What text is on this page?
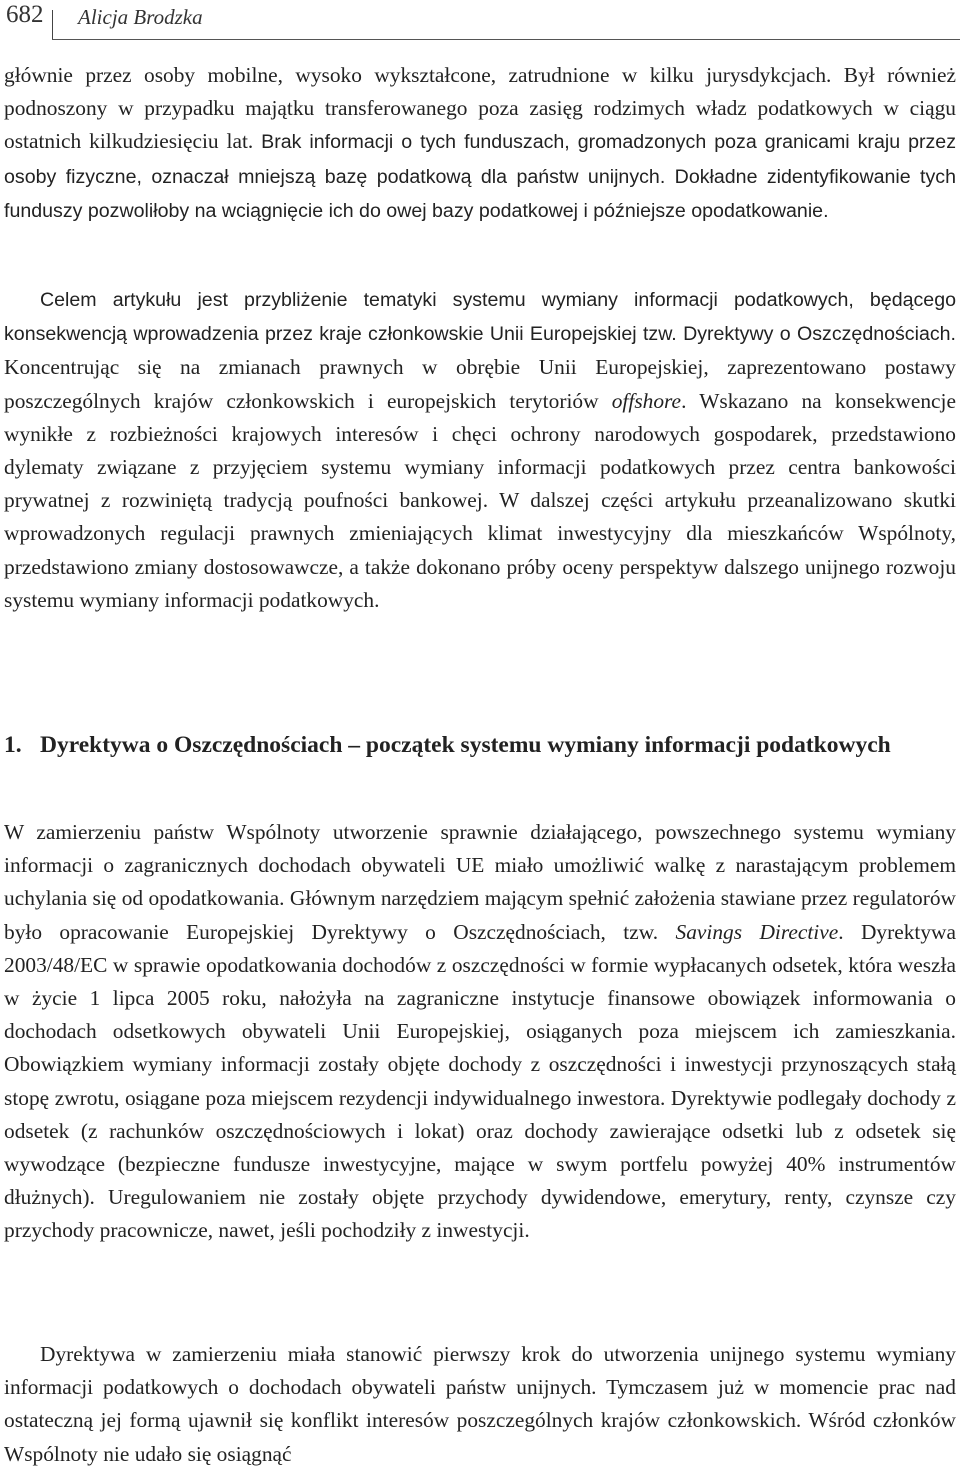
682 Alicja Brodzka

głównie przez osoby mobilne, wysoko wykształcone, zatrudnione w kilku jurysdykcjach. Był również podnoszony w przypadku majątku transferowanego poza zasięg rodzimych władz podatkowych w ciągu ostatnich kilkudziesięciu lat. Brak informacji o tych funduszach, gromadzonych poza granicami kraju przez osoby fizyczne, oznaczał mniejszą bazę podatkową dla państw unijnych. Dokładne zidentyfikowanie tych funduszy pozwoliłoby na wciągnięcie ich do owej bazy podatkowej i późniejsze opodatkowanie.

Celem artykułu jest przybliżenie tematyki systemu wymiany informacji podatkowych, będącego konsekwencją wprowadzenia przez kraje członkowskie Unii Europejskiej tzw. Dyrektywy o Oszczędnościach. Koncentrując się na zmianach prawnych w obrębie Unii Europejskiej, zaprezentowano postawy poszczególnych krajów członkowskich i europejskich terytoriów offshore. Wskazano na konsekwencje wynikłe z rozbieżności krajowych interesów i chęci ochrony narodowych gospodarek, przedstawiono dylematy związane z przyjęciem systemu wymiany informacji podatkowych przez centra bankowości prywatnej z rozwiniętą tradycją poufności bankowej. W dalszej części artykułu przeanalizowano skutki wprowadzonych regulacji prawnych zmieniających klimat inwestycyjny dla mieszkańców Wspólnoty, przedstawiono zmiany dostosowawcze, a także dokonano próby oceny perspektyw dalszego unijnego rozwoju systemu wymiany informacji podatkowych.

1. Dyrektywa o Oszczędnościach – początek systemu wymiany informacji podatkowych

W zamierzeniu państw Wspólnoty utworzenie sprawnie działającego, powszechnego systemu wymiany informacji o zagranicznych dochodach obywateli UE miało umożliwić walkę z narastającym problemem uchylania się od opodatkowania. Głównym narzędziem mającym spełnić założenia stawiane przez regulatorów było opracowanie Europejskiej Dyrektywy o Oszczędnościach, tzw. Savings Directive. Dyrektywa 2003/48/EC w sprawie opodatkowania dochodów z oszczędności w formie wypłacanych odsetek, która weszła w życie 1 lipca 2005 roku, nałożyła na zagraniczne instytucje finansowe obowiązek informowania o dochodach odsetkowych obywateli Unii Europejskiej, osiąganych poza miejscem ich zamieszkania. Obowiązkiem wymiany informacji zostały objęte dochody z oszczędności i inwestycji przynoszących stałą stopę zwrotu, osiągane poza miejscem rezydencji indywidualnego inwestora. Dyrektywie podlegały dochody z odsetek (z rachunków oszczędnościowych i lokat) oraz dochody zawierające odsetki lub z odsetek się wywodzące (bezpieczne fundusze inwestycyjne, mające w swym portfelu powyżej 40% instrumentów dłużnych). Uregulowaniem nie zostały objęte przychody dywidendowe, emerytury, renty, czynsze czy przychody pracownicze, nawet, jeśli pochodziły z inwestycji.

Dyrektywa w zamierzeniu miała stanowić pierwszy krok do utworzenia unijnego systemu wymiany informacji podatkowych o dochodach obywateli państw unijnych. Tymczasem już w momencie prac nad ostateczną jej formą ujawnił się konflikt interesów poszczególnych krajów członkowskich. Wśród członków Wspólnoty nie udało się osiągnąć
